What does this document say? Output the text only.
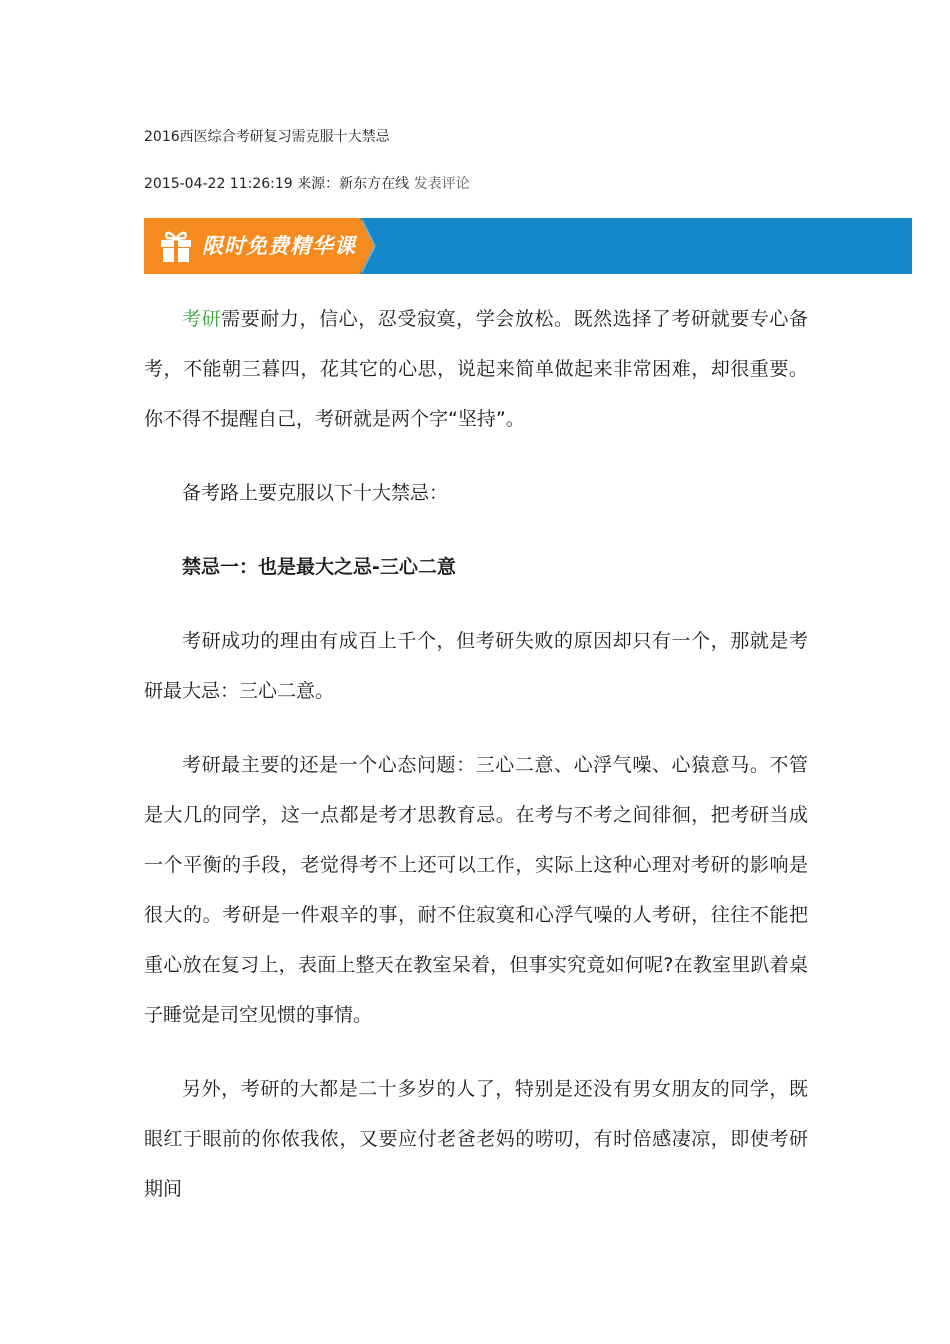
2016西医综合考研复习需克服十大禁忌
2015-04-22 11:26:19 来源：新东方在线 发表评论
限时免费精华课

考研需要耐力，信心，忍受寂寞，学会放松。既然选择了考研就要专心备考，不能朝三暮四，花其它的心思，说起来简单做起来非常困难，却很重要。你不得不提醒自己，考研就是两个字“坚持”。

备考路上要克服以下十大禁忌：

禁忌一：也是最大之忌-三心二意

考研成功的理由有成百上千个，但考研失败的原因却只有一个，那就是考研最大忌：三心二意。

考研最主要的还是一个心态问题：三心二意、心浮气噪、心猿意马。不管是大几的同学，这一点都是考才思教育忌。在考与不考之间徘徊，把考研当成一个平衡的手段，老觉得考不上还可以工作，实际上这种心理对考研的影响是很大的。考研是一件艰辛的事，耐不住寂寞和心浮气噪的人考研，往往不能把重心放在复习上，表面上整天在教室呆着，但事实究竟如何呢?在教室里趴着桌子睡觉是司空见惯的事情。

另外，考研的大都是二十多岁的人了，特别是还没有男女朋友的同学，既眼红于眼前的你侬我侬，又要应付老爸老妈的唠叨，有时倍感凄凉，即使考研期间
